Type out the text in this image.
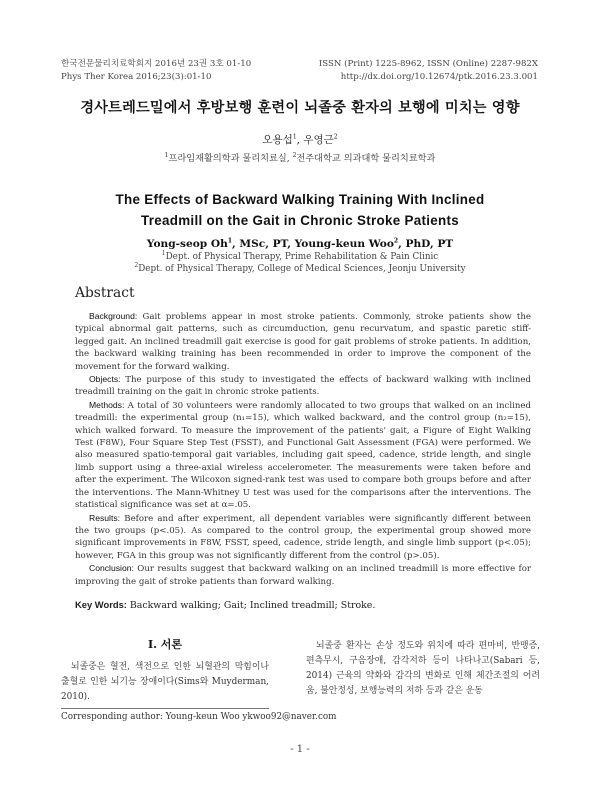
한국전문물리치료학회지 2016년 23권 3호 01-10
Phys Ther Korea 2016;23(3):01-10
ISSN (Print) 1225-8962, ISSN (Online) 2287-982X
http://dx.doi.org/10.12674/ptk.2016.23.3.001
경사트레드밀에서 후방보행 훈련이 뇌졸중 환자의 보행에 미치는 영향
오용섭$^1$, 우영근$^2$
$^1$프라임재활의학과 물리치료실, $^2$전주대학교 의과대학 물리치료학과
The Effects of Backward Walking Training With Inclined
Treadmill on the Gait in Chronic Stroke Patients
Yong-seop Oh$^1$, MSc, PT, Young-keun Woo$^2$, PhD, PT
$^1$Dept. of Physical Therapy, Prime Rehabilitation & Pain Clinic
$^2$Dept. of Physical Therapy, College of Medical Sciences, Jeonju University
Abstract

Background: Gait problems appear in most stroke patients. Commonly, stroke patients show the typical abnormal gait patterns, such as circumduction, genu recurvatum, and spastic paretic stiff-legged gait. An inclined treadmill gait exercise is good for gait problems of stroke patients. In addition, the backward walking training has been recommended in order to improve the component of the movement for the forward walking.

Objects: The purpose of this study to investigated the effects of backward walking with inclined treadmill training on the gait in chronic stroke patients.

Methods: A total of 30 volunteers were randomly allocated to two groups that walked on an inclined treadmill: the experimental group (n₁=15), which walked backward, and the control group (n₂=15), which walked forward. To measure the improvement of the patients' gait, a Figure of Eight Walking Test (F8W), Four Square Step Test (FSST), and Functional Gait Assessment (FGA) were performed. We also measured spatio-temporal gait variables, including gait speed, cadence, stride length, and single limb support using a three-axial wireless accelerometer. The measurements were taken before and after the experiment. The Wilcoxon signed-rank test was used to compare both groups before and after the interventions. The Mann-Whitney U test was used for the comparisons after the interventions. The statistical significance was set at α=.05.

Results: Before and after experiment, all dependent variables were significantly different between the two groups (p<.05). As compared to the control group, the experimental group showed more significant improvements in F8W, FSST, speed, cadence, stride length, and single limb support (p<.05); however, FGA in this group was not significantly different from the control (p>.05).

Conclusion: Our results suggest that backward walking on an inclined treadmill is more effective for improving the gait of stroke patients than forward walking.

Key Words: Backward walking; Gait; Inclined treadmill; Stroke.
Ⅰ. 서론
뇌졸중은 혈전, 색전으로 인한 뇌혈관의 막힘이나 출혈로 인한 뇌기능 장애이다(Sims와 Muyderman, 2010).
뇌졸중 환자는 손상 정도와 위치에 따라 편마비, 반맹증, 편측무시, 구음장애, 감각저하 등이 나타나고(Sabari 등, 2014) 근육의 약화와 감각의 변화로 인해 체간조절의 어려움, 불안정성, 보행능력의 저하 등과 같은 운동
Corresponding author: Young-keun Woo ykwoo92@naver.com
- 1 -
